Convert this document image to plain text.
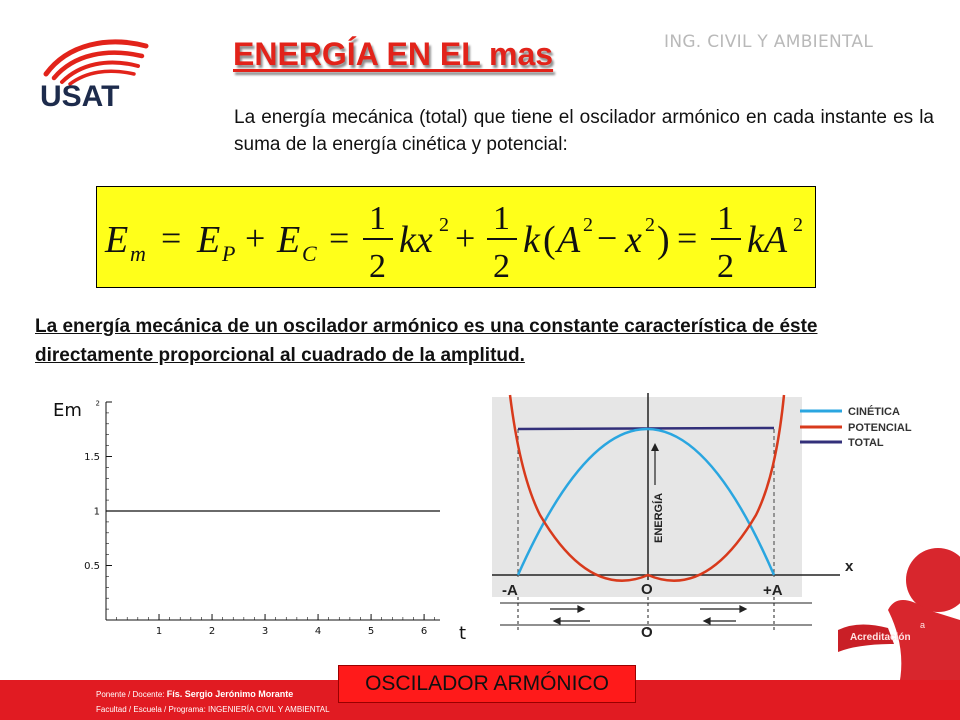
USAT
ING. CIVIL Y AMBIENTAL
ENERGÍA EN EL mas
La energía mecánica (total) que tiene el oscilador armónico en cada instante es la suma de la energía cinética y potencial:
E m = E P + E C = 1
2
kx 2 + 1
2
k ( A 2 − x 2 ) = 1
2
kA 2
La energía mecánica de un oscilador armónico es una constante característica de éste directamente proporcional al cuadrado de la amplitud.
Em
t
1	2	3	4	5	6
0.5
1
1.5
2
ENERGÍA
x
-A	O	+A
O
CINÉTICA
POTENCIAL
TOTAL
a
Acreditación
Ponente / Docente: Fís. Sergio Jerónimo Morante
Facultad / Escuela / Programa: INGENIERÍA CIVIL Y AMBIENTAL
OSCILADOR ARMÓNICO
